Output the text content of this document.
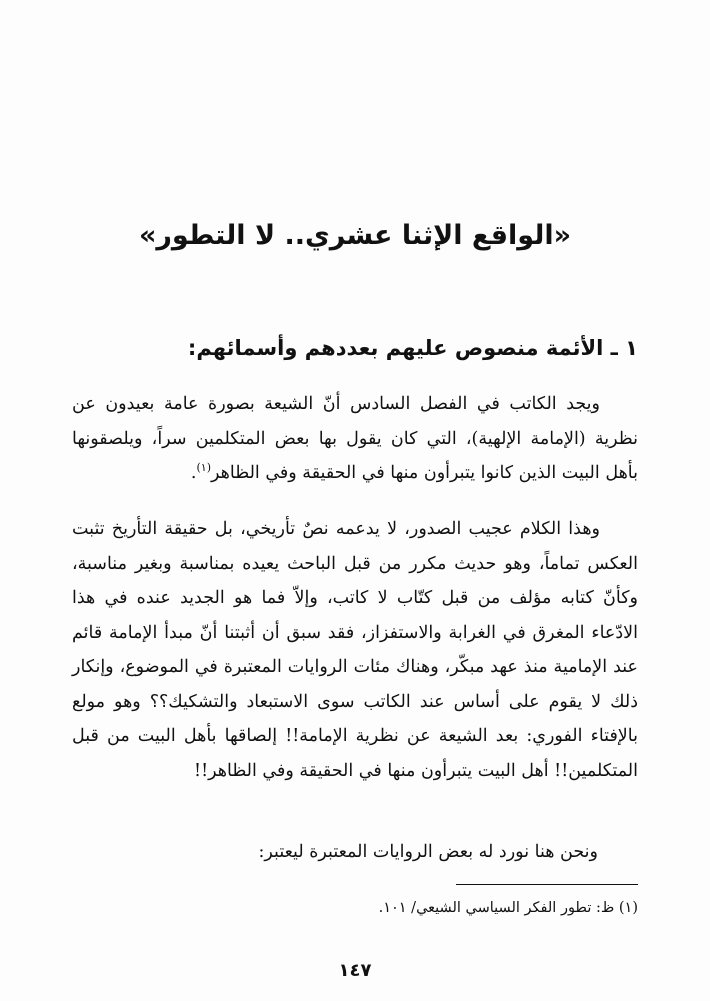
«الواقع الإثنا عشري.. لا التطور»
١ ـ الأئمة منصوص عليهم بعددهم وأسمائهم:
ويجد الكاتب في الفصل السادس أنّ الشيعة بصورة عامة بعيدون عن نظرية (الإمامة الإلهية)، التي كان يقول بها بعض المتكلمين سراً، ويلصقونها بأهل البيت الذين كانوا يتبرأون منها في الحقيقة وفي الظاهر$^{(١)}$.
وهذا الكلام عجيب الصدور، لا يدعمه نصٌ تأريخي، بل حقيقة التأريخ تثبت العكس تماماً، وهو حديث مكرر من قبل الباحث يعيده بمناسبة وبغير مناسبة، وكأنّ كتابه مؤلف من قبل كتّاب لا كاتب، وإلاّ فما هو الجديد عنده في هذا الادّعاء المغرق في الغرابة والاستفزاز، فقد سبق أن أثبتنا أنّ مبدأ الإمامة قائم عند الإمامية منذ عهد مبكّر، وهناك مئات الروايات المعتبرة في الموضوع، وإنكار ذلك لا يقوم على أساس عند الكاتب سوى الاستبعاد والتشكيك؟؟ وهو مولع بالإفتاء الفوري: بعد الشيعة عن نظرية الإمامة!! إلصاقها بأهل البيت من قبل المتكلمين!! أهل البيت يتبرأون منها في الحقيقة وفي الظاهر!!
ونحن هنا نورد له بعض الروايات المعتبرة ليعتبر:
(١) ظ: تطور الفكر السياسي الشيعي/ ١٠١.
١٤٧
